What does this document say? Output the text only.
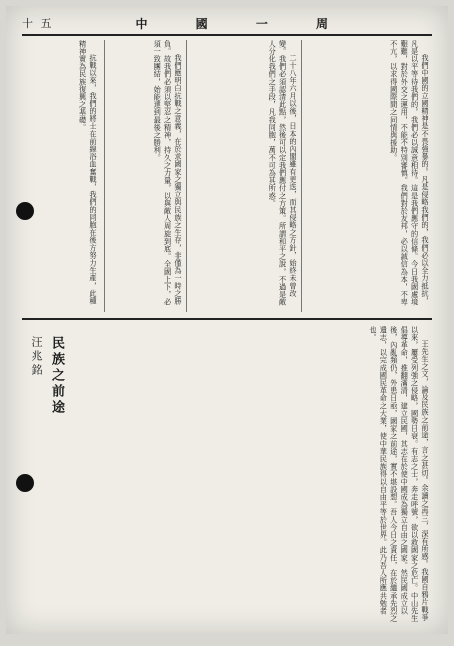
十 五	中 國 一 周

我們中國的立國精神是不畏強暴的。凡是侵略我們的，我們必以全力抵抗，凡是以平等待我們的，我們必以誠意相待。這是我們應守的信條。今日我國處境艱難，對於外交之運用，不能不特別審慎。我們對於友邦，必以誠信為本，不卑不亢，以求得國際間之同情與援助。

二十八年六月以後，日本的內閣雖有更迭，而其侵略之方針，始終未曾改變。我們必須認清此點，然後可以定我們應付之方策。所謂和平之說，不過是敵人分化我們之手段，凡我同胞，萬不可為其所惑。

我們應明白抗戰之意義，在於求國家之獨立與民族之生存，非僅為一時之勝負。故我們必須以堅忍之精神，持久之力量，以與敵人周旋到底。全國上下，必須一致團結，始能達到最後之勝利。

抗戰以來，我們的將士在前線浴血奮戰，我們的同胞在後方努力生產，此種精神實為民族復興之基礎。

王先生之文，論及民族之前途，言之甚切。余讀之再三，深有所感。我國自鴉片戰爭以來，屢受列強之侵略，國勢日衰。有志之士，奔走呼號，欲以救國家之危亡。中山先生倡導革命，推翻滿清，建立民國，其志在於使中國成為獨立自由之國家。然民國成立以後，內亂頻仍，外患日亟，國家之前途，實不堪設想。吾人今日之責任，在於繼承先烈之遺志，以完成國民革命之大業，使中華民族得以自由平等於世界。此乃吾人所應共勉者也。

民族之前途
汪兆銘
